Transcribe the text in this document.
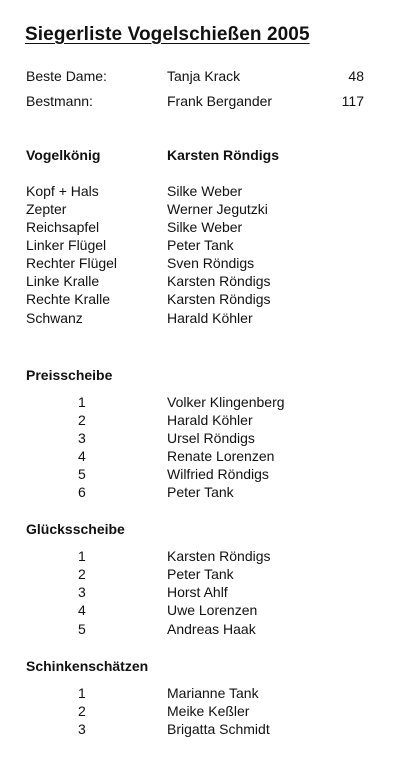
Siegerliste Vogelschießen 2005
Beste Dame:	Tanja Krack	48
Bestmann:	Frank Bergander	117
Vogelkönig	Karsten Röndigs
Kopf + Hals	Silke Weber
Zepter	Werner Jegutzki
Reichsapfel	Silke Weber
Linker Flügel	Peter Tank
Rechter Flügel	Sven Röndigs
Linke Kralle	Karsten Röndigs
Rechte Kralle	Karsten Röndigs
Schwanz	Harald Köhler
Preisscheibe
1	Volker Klingenberg
2	Harald Köhler
3	Ursel Röndigs
4	Renate Lorenzen
5	Wilfried Röndigs
6	Peter Tank
Glücksscheibe
1	Karsten Röndigs
2	Peter Tank
3	Horst Ahlf
4	Uwe Lorenzen
5	Andreas Haak
Schinkenschätzen
1	Marianne Tank
2	Meike Keßler
3	Brigatta Schmidt
